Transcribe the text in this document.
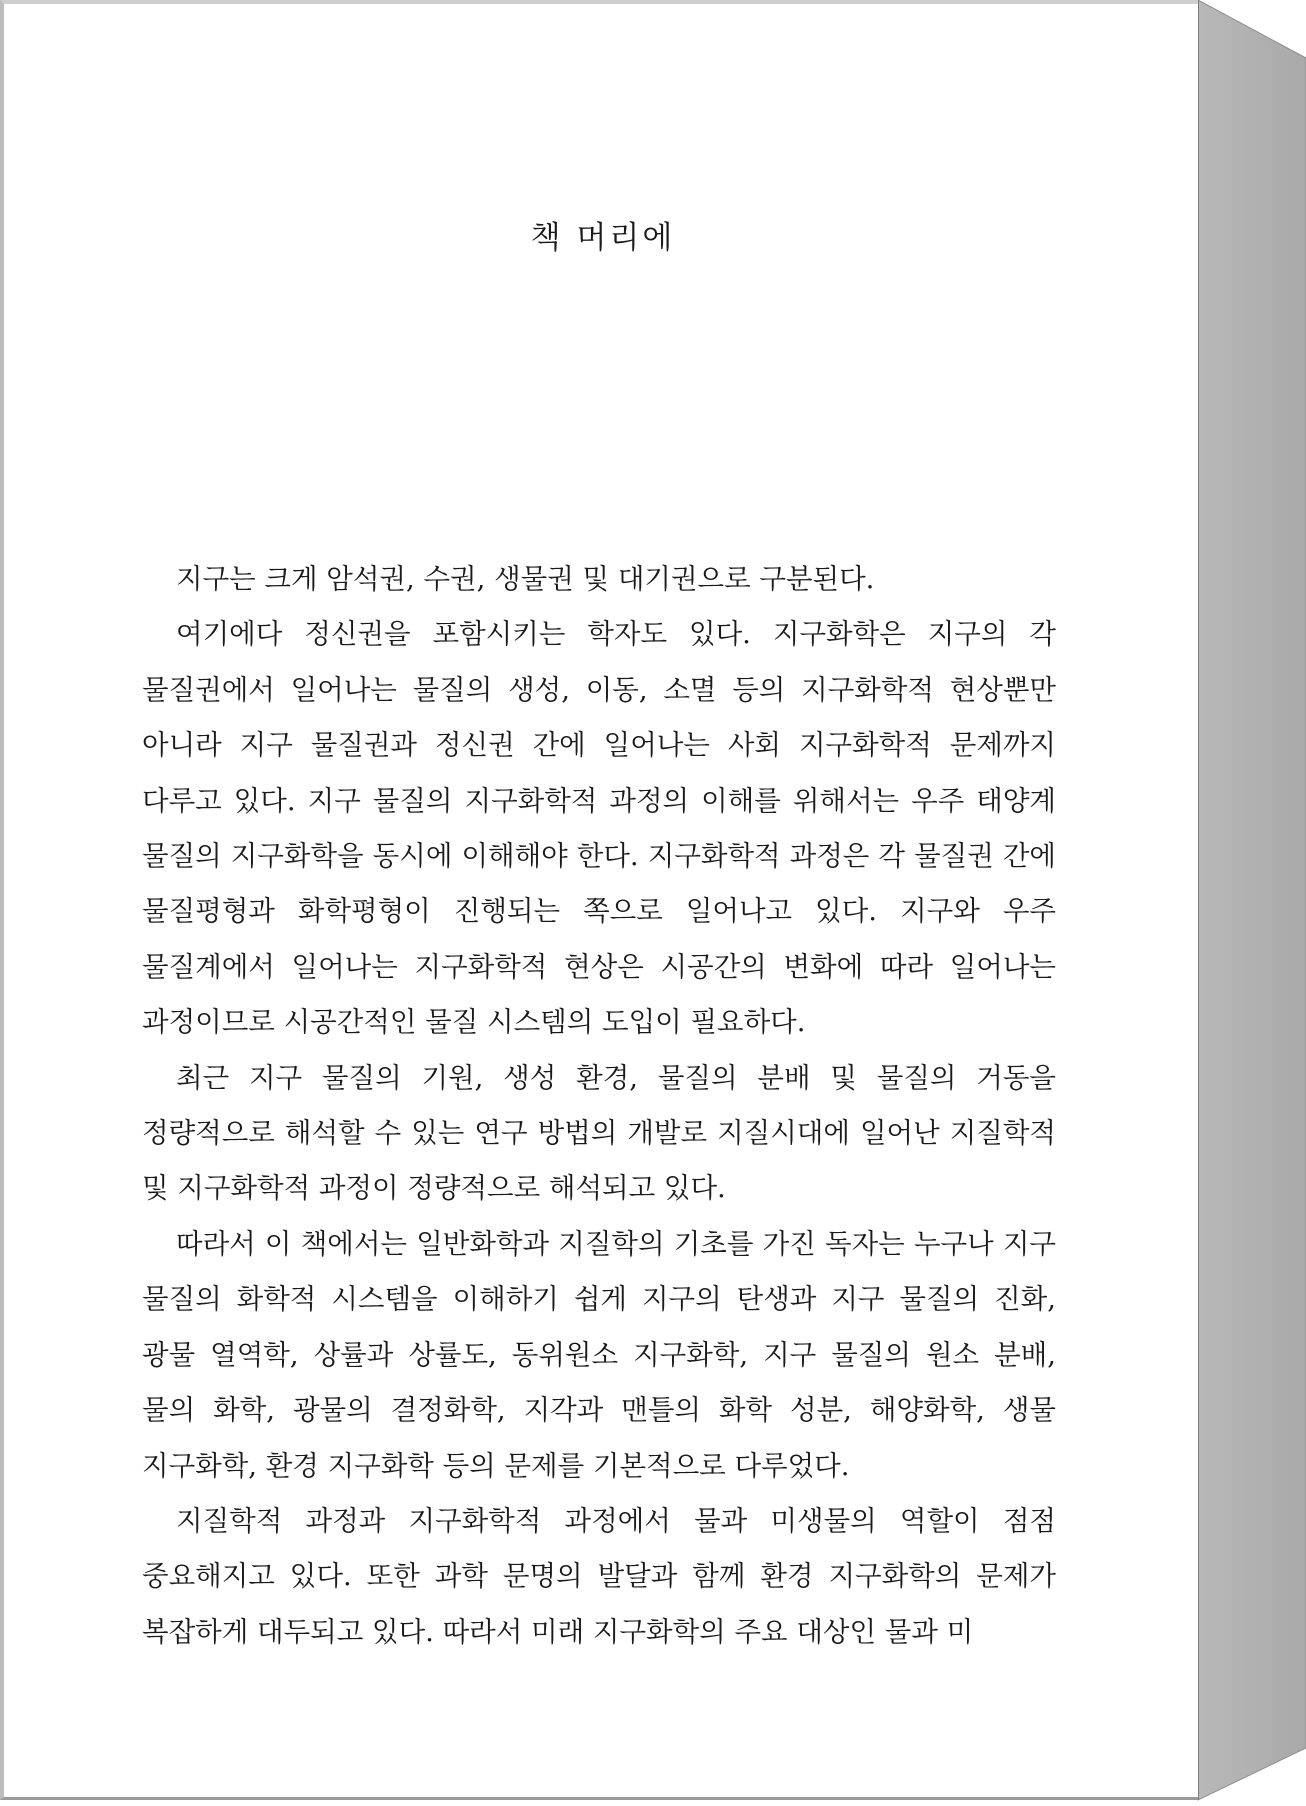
책 머리에

지구는 크게 암석권, 수권, 생물권 및 대기권으로 구분된다.

여기에다 정신권을 포함시키는 학자도 있다. 지구화학은 지구의 각 물질권에서 일어나는 물질의 생성, 이동, 소멸 등의 지구화학적 현상뿐만 아니라 지구 물질권과 정신권 간에 일어나는 사회 지구화학적 문제까지 다루고 있다. 지구 물질의 지구화학적 과정의 이해를 위해서는 우주 태양계 물질의 지구화학을 동시에 이해해야 한다. 지구화학적 과정은 각 물질권 간에 물질평형과 화학평형이 진행되는 쪽으로 일어나고 있다. 지구와 우주 물질계에서 일어나는 지구화학적 현상은 시공간의 변화에 따라 일어나는 과정이므로 시공간적인 물질 시스템의 도입이 필요하다.

최근 지구 물질의 기원, 생성 환경, 물질의 분배 및 물질의 거동을 정량적으로 해석할 수 있는 연구 방법의 개발로 지질시대에 일어난 지질학적 및 지구화학적 과정이 정량적으로 해석되고 있다.

따라서 이 책에서는 일반화학과 지질학의 기초를 가진 독자는 누구나 지구 물질의 화학적 시스템을 이해하기 쉽게 지구의 탄생과 지구 물질의 진화, 광물 열역학, 상률과 상률도, 동위원소 지구화학, 지구 물질의 원소 분배, 물의 화학, 광물의 결정화학, 지각과 맨틀의 화학 성분, 해양화학, 생물 지구화학, 환경 지구화학 등의 문제를 기본적으로 다루었다.

지질학적 과정과 지구화학적 과정에서 물과 미생물의 역할이 점점 중요해지고 있다. 또한 과학 문명의 발달과 함께 환경 지구화학의 문제가 복잡하게 대두되고 있다. 따라서 미래 지구화학의 주요 대상인 물과 미
